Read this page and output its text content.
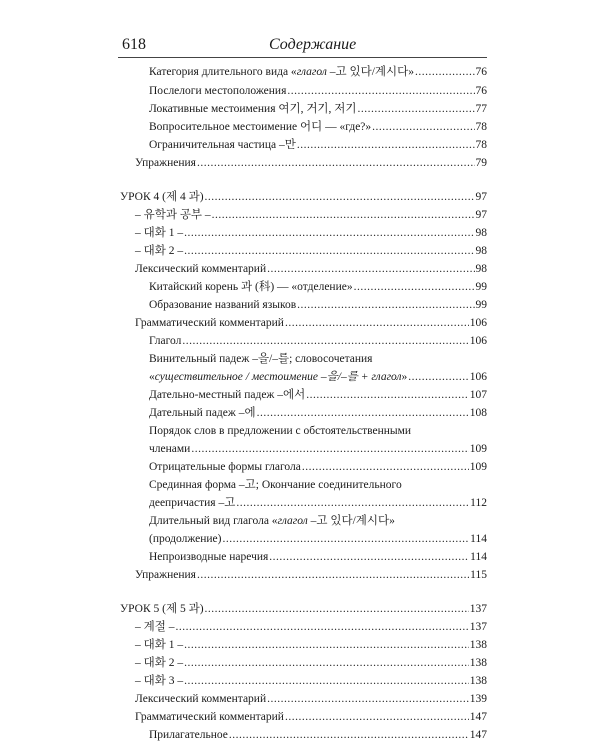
618	Содержание
Категория длительного вида «глагол –고 있다/계시다» .....	76
Послелоги местоположения .....	76
Локативные местоимения 여기, 거기, 저기 .....	77
Вопросительное местоимение 어디 — «где?» .....	78
Ограничительная частица –만 .....	78
Упражнения .....	79
УРОК 4 (제 4 과) .....	97
– 유학과 공부 – .....	97
– 대화 1 – .....	98
– 대화 2 – .....	98
Лексический комментарий .....	98
Китайский корень 과 (科) — «отделение» .....	99
Образование названий языков .....	99
Грамматический комментарий .....	106
Глагол .....	106
Винительный падеж –을/–를; словосочетания
«существительное / местоимение –을/–를 + глагол» .....	106
Дательно-местный падеж –에서 .....	107
Дательный падеж –에 .....	108
Порядок слов в предложении с обстоятельственными
членами .....	109
Отрицательные формы глагола .....	109
Срединная форма –고; Окончание соединительного
деепричастия –고 .....	112
Длительный вид глагола «глагол –고 있다/계시다»
(продолжение) .....	114
Непроизводные наречия .....	114
Упражнения .....	115
УРОК 5 (제 5 과) .....	137
– 계절 – .....	137
– 대화 1 – .....	138
– 대화 2 – .....	138
– 대화 3 – .....	138
Лексический комментарий .....	139
Грамматический комментарий .....	147
Прилагательное .....	147
